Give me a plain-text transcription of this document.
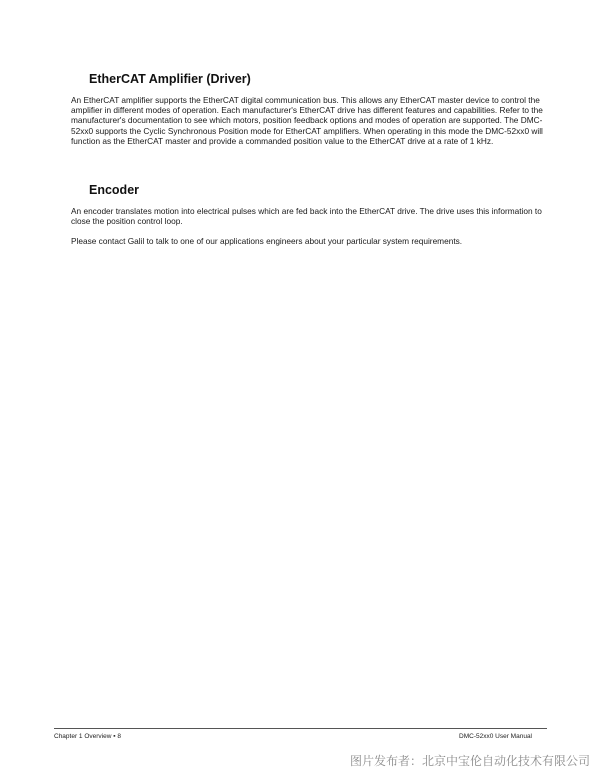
EtherCAT Amplifier (Driver)

An EtherCAT amplifier supports the EtherCAT digital communication bus. This allows any EtherCAT master device to control the amplifier in different modes of operation. Each manufacturer's EtherCAT drive has different features and capabilities. Refer to the manufacturer's documentation to see which motors, position feedback options and modes of operation are supported. The DMC-52xx0 supports the Cyclic Synchronous Position mode for EtherCAT amplifiers. When operating in this mode the DMC-52xx0 will function as the EtherCAT master and provide a commanded position value to the EtherCAT drive at a rate of 1 kHz.

Encoder

An encoder translates motion into electrical pulses which are fed back into the EtherCAT drive. The drive uses this information to close the position control loop.

Please contact Galil to talk to one of our applications engineers about your particular system requirements.

Chapter 1 Overview ▪ 8	DMC-52xx0 User Manual
图片发布者：北京中宝伦自动化技术有限公司
